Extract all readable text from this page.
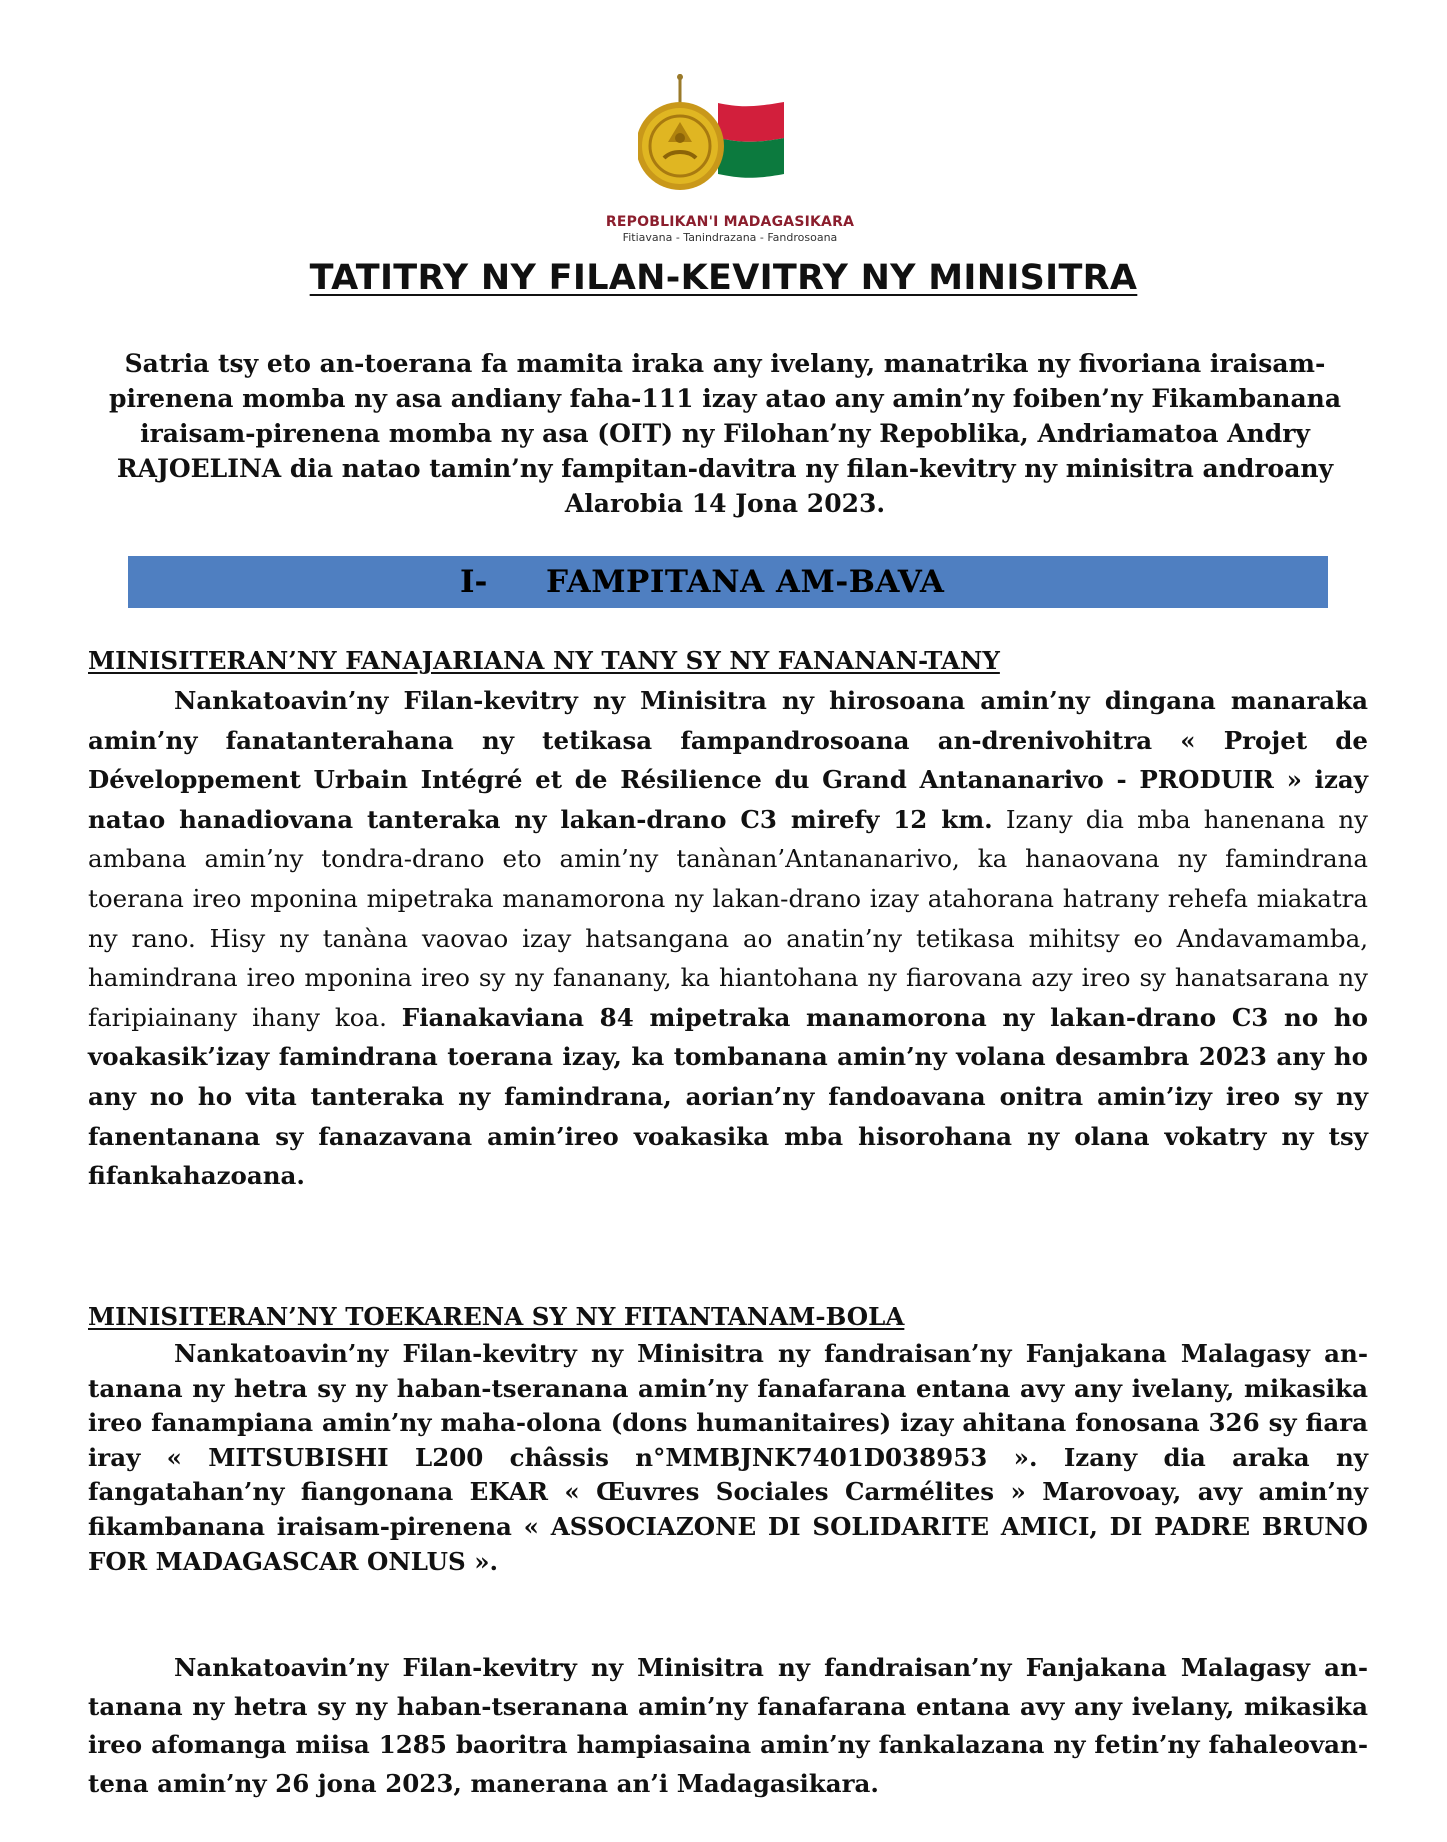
REPOBLIKAN'I MADAGASIKARA
Fitiavana - Tanindrazana - Fandrosoana
TATITRY NY FILAN-KEVITRY NY MINISITRA
Satria tsy eto an-toerana fa mamita iraka any ivelany, manatrika ny fivoriana iraisam-pirenena momba ny asa andiany faha-111 izay atao any amin’ny foiben’ny Fikambanana iraisam-pirenena momba ny asa (OIT) ny Filohan’ny Repoblika, Andriamatoa Andry RAJOELINA dia natao tamin’ny fampitan-davitra ny filan-kevitry ny minisitra androany Alarobia 14 Jona 2023.
I- FAMPITANA AM-BAVA
MINISITERAN’NY FANAJARIANA NY TANY SY NY FANANAN-TANY
Nankatoavin’ny Filan-kevitry ny Minisitra ny hirosoana amin’ny dingana manaraka amin’ny fanatanterahana ny tetikasa fampandrosoana an-drenivohitra « Projet de Développement Urbain Intégré et de Résilience du Grand Antananarivo - PRODUIR » izay natao hanadiovana tanteraka ny lakan-drano C3 mirefy 12 km. Izany dia mba hanenana ny ambana amin’ny tondra-drano eto amin’ny tanànan’Antananarivo, ka hanaovana ny famindrana toerana ireo mponina mipetraka manamorona ny lakan-drano izay atahorana hatrany rehefa miakatra ny rano. Hisy ny tanàna vaovao izay hatsangana ao anatin’ny tetikasa mihitsy eo Andavamamba, hamindrana ireo mponina ireo sy ny fananany, ka hiantohana ny fiarovana azy ireo sy hanatsarana ny faripiainany ihany koa. Fianakaviana 84 mipetraka manamorona ny lakan-drano C3 no ho voakasik’izay famindrana toerana izay, ka tombanana amin’ny volana desambra 2023 any ho any no ho vita tanteraka ny famindrana, aorian’ny fandoavana onitra amin’izy ireo sy ny fanentanana sy fanazavana amin’ireo voakasika mba hisorohana ny olana vokatry ny tsy fifankahazoana.
MINISITERAN’NY TOEKARENA SY NY FITANTANAM-BOLA
Nankatoavin’ny Filan-kevitry ny Minisitra ny fandraisan’ny Fanjakana Malagasy an-tanana ny hetra sy ny haban-tseranana amin’ny fanafarana entana avy any ivelany, mikasika ireo fanampiana amin’ny maha-olona (dons humanitaires) izay ahitana fonosana 326 sy fiara iray « MITSUBISHI L200 châssis n°MMBJNK7401D038953 ». Izany dia araka ny fangatahan’ny fiangonana EKAR « Œuvres Sociales Carmélites » Marovoay, avy amin’ny fikambanana iraisam-pirenena « ASSOCIAZONE DI SOLIDARITE AMICI, DI PADRE BRUNO FOR MADAGASCAR ONLUS ».
Nankatoavin’ny Filan-kevitry ny Minisitra ny fandraisan’ny Fanjakana Malagasy an-tanana ny hetra sy ny haban-tseranana amin’ny fanafarana entana avy any ivelany, mikasika ireo afomanga miisa 1285 baoritra hampiasaina amin’ny fankalazana ny fetin’ny fahaleovan-tena amin’ny 26 jona 2023, manerana an’i Madagasikara.
